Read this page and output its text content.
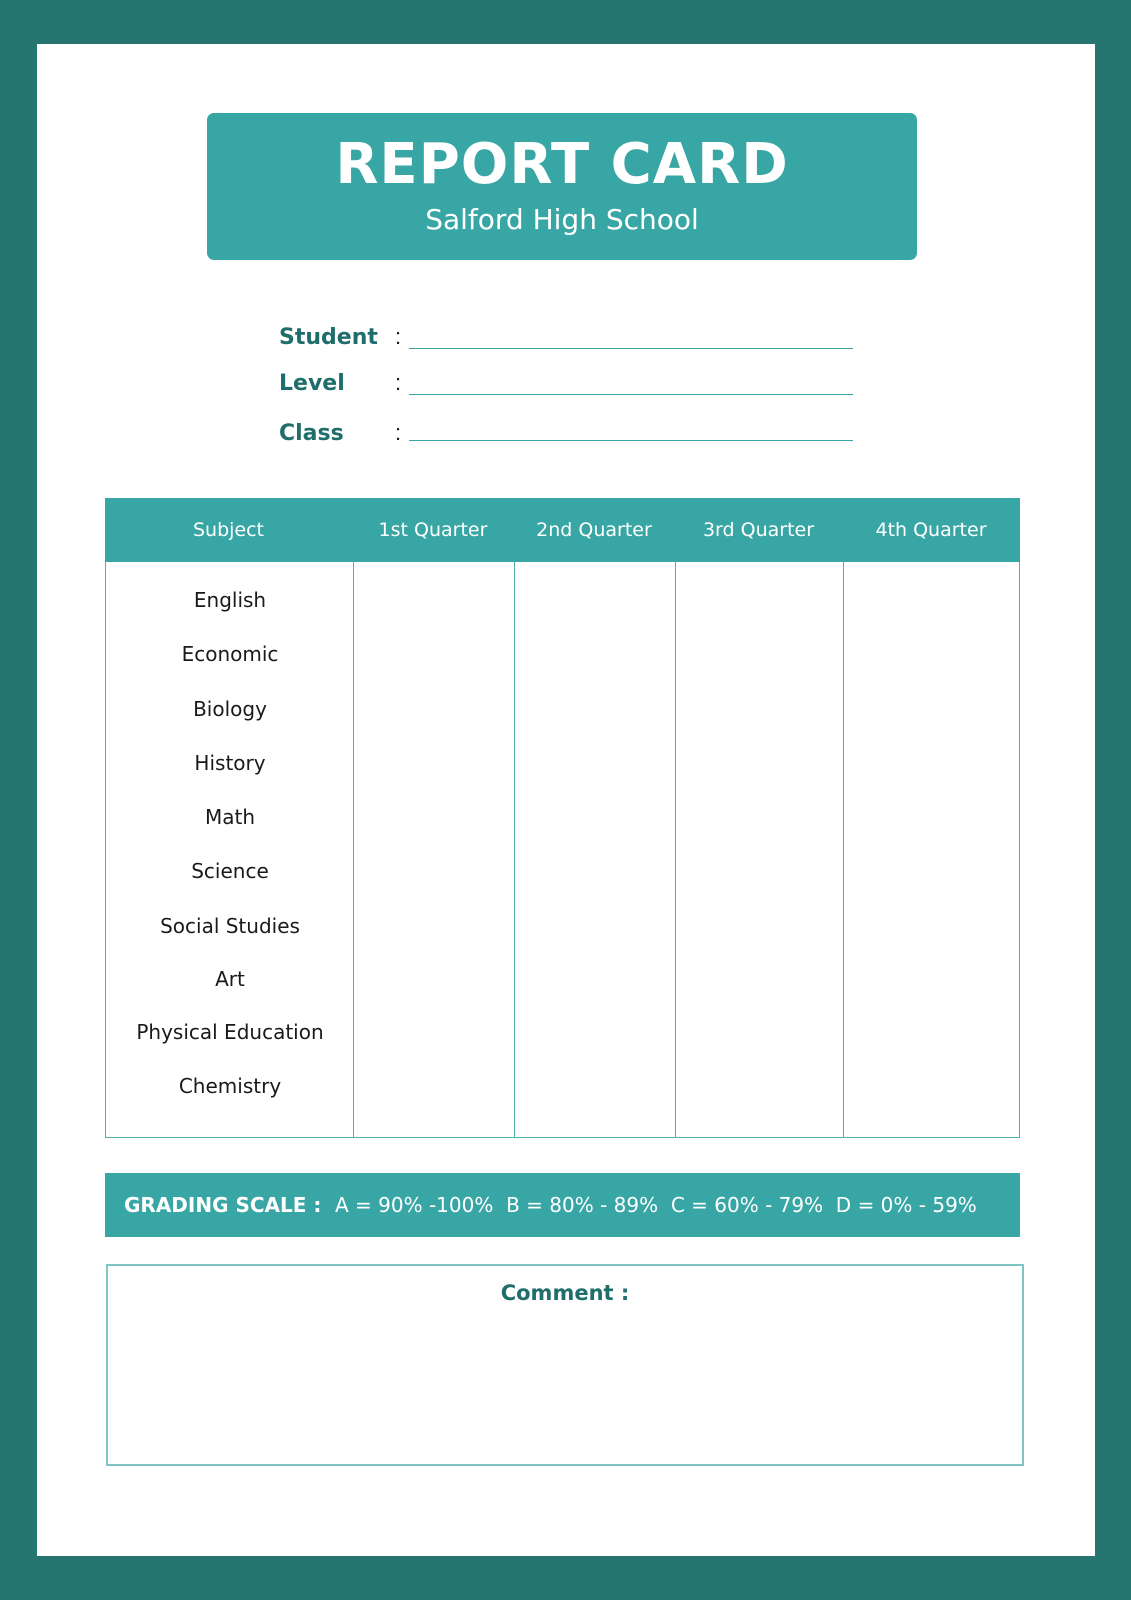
REPORT CARD
Salford High School
Student :
Level :
Class :
Subject	1st Quarter	2nd Quarter	3rd Quarter	4th Quarter
English
Economic
Biology
History
Math
Science
Social Studies
Art
Physical Education
Chemistry
GRADING SCALE : A = 90% -100%  B = 80% - 89%  C = 60% - 79%  D = 0% - 59%
Comment :
